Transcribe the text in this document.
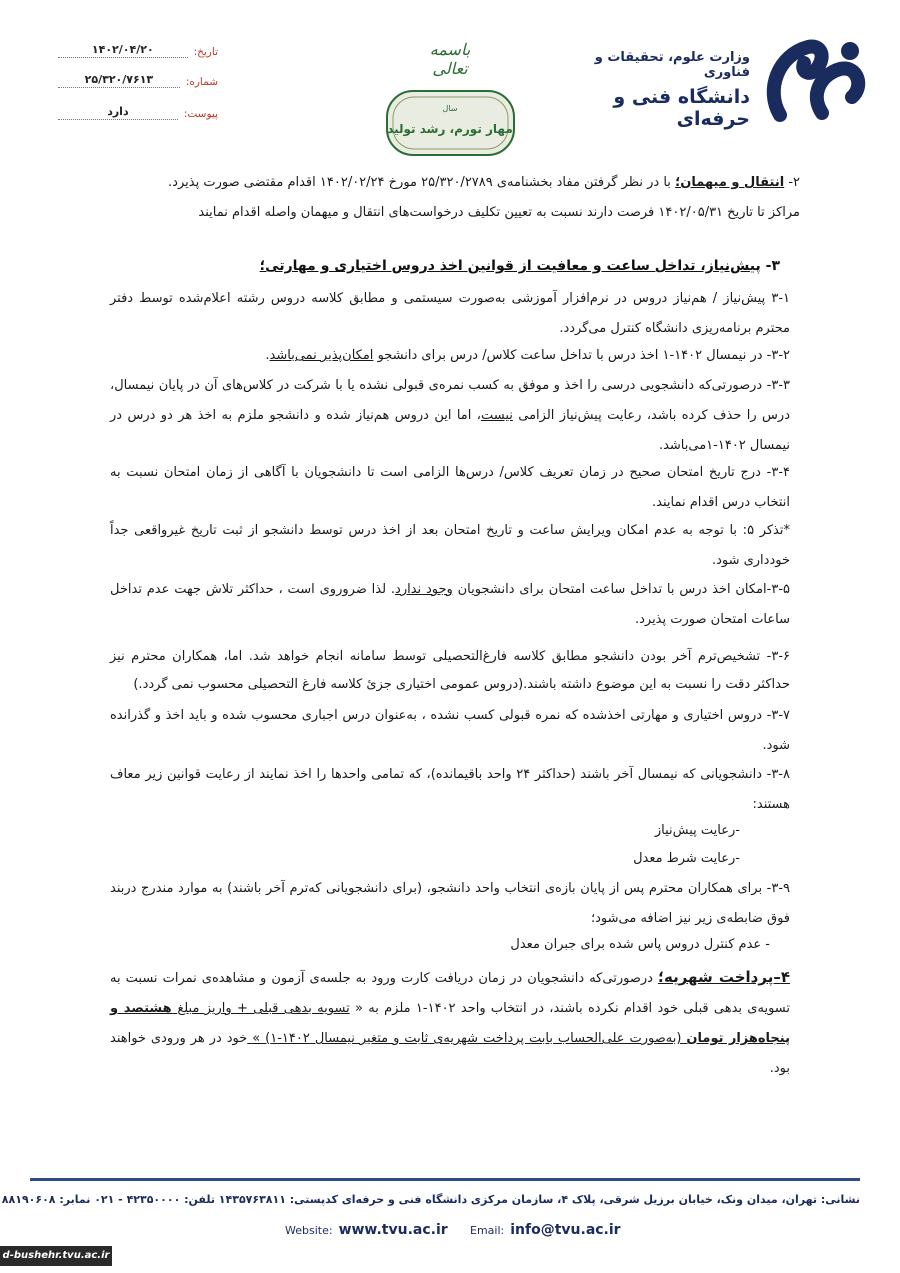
تاریخ:
۱۴۰۲/۰۴/۲۰
شماره:
۲۵/۳۲۰/۷۶۱۳
پیوست:
دارد
باسمه تعالی
سال
مهار تورم، رشد تولید
وزارت علوم، تحقیقات و فناوری
دانشگاه فنی و حرفه‌ای
۲- انتقال و میهمان؛ با در نظر گرفتن مفاد بخشنامه‌ی ۲۵/۳۲۰/۲۷۸۹ مورخ ۱۴۰۲/۰۲/۲۴ اقدام مقتضی صورت پذیرد.
مراکز تا تاریخ ۱۴۰۲/۰۵/۳۱ فرصت دارند نسبت به تعیین تکلیف درخواست‌های انتقال و میهمان واصله اقدام نمایند
۳- پیش‌نیاز، تداخل ساعت و معافیت از قوانین اخذ دروس اختیاری و مهارتی؛
۳-۱ پیش‌نیاز / هم‌نیاز دروس در نرم‌افزار آموزشی به‌صورت سیستمی و مطابق کلاسه دروس رشته اعلام‌شده توسط دفتر محترم برنامه‌ریزی دانشگاه کنترل می‌گردد.
۳-۲- در نیمسال ۱۴۰۲-۱ اخذ درس با تداخل ساعت کلاس/ درس برای دانشجو امکان‌پذیر نمی‌باشد.
۳-۳- درصورتی‌که دانشجویی درسی را اخذ و موفق به کسب نمره‌ی قبولی نشده یا با شرکت در کلاس‌های آن در پایان نیمسال، درس را حذف کرده باشد، رعایت پیش‌نیاز الزامی نیست، اما این دروس هم‌نیاز شده و دانشجو ملزم به اخذ هر دو درس در نیمسال ۱۴۰۲-۱می‌باشد.
۳-۴- درج تاریخ امتحان صحیح در زمان تعریف کلاس/ درس‌ها الزامی است تا دانشجویان با آگاهی از زمان امتحان نسبت به انتخاب درس اقدام نمایند.
*تذکر ۵: با توجه به عدم امکان ویرایش ساعت و تاریخ امتحان بعد از اخذ درس توسط دانشجو از ثبت تاریخ غیرواقعی جداً خودداری شود.
۳-۵-امکان اخذ درس با تداخل ساعت امتحان برای دانشجویان وجود ندارد. لذا ضروروی است ، حداکثر تلاش جهت عدم تداخل ساعات امتحان صورت پذیرد.
۳-۶- تشخیص‌ترم آخر بودن دانشجو مطابق کلاسه فارغ‌التحصیلی توسط سامانه انجام خواهد شد. اما، همکاران محترم نیز حداکثر دقت را نسبت به این موضوع داشته باشند.(دروس عمومی اختیاری جزئ کلاسه فارغ التحصیلی محسوب نمی گردد.)
۳-۷- دروس اختیاری و مهارتی اخذشده که نمره قبولی کسب نشده ، به‌عنوان درس اجباری محسوب شده و باید اخذ و گذرانده شود.
۳-۸- دانشجویانی که نیمسال آخر باشند (حداکثر ۲۴ واحد باقیمانده)، که تمامی واحدها را اخذ نمایند از رعایت قوانین زیر معاف هستند:
-رعایت پیش‌نیاز
-رعایت شرط معدل
۳-۹- برای همکاران محترم پس از پایان بازه‌ی انتخاب واحد دانشجو، (برای دانشجویانی که‌ترم آخر باشند) به موارد مندرج دربند فوق ضابطه‌ی زیر نیز اضافه می‌شود؛
- عدم کنترل دروس پاس شده برای جبران معدل
۴–پرداخت شهریه؛ درصورتی‌که دانشجویان در زمان دریافت کارت ورود به جلسه‌ی آزمون و مشاهده‌ی نمرات نسبت به تسویه‌ی بدهی قبلی خود اقدام نکرده باشند، در انتخاب واحد ۱۴۰۲-۱ ملزم به « تسویه بدهی قبلی + واریز مبلغ هشتصد و پنجاه‌هزار تومان (به‌صورت علی‌الحساب بابت پرداخت شهریه‌ی ثابت و متغیر نیمسال ۱۴۰۲-۱) » خود در هر ورودی خواهند بود.
نشانی: تهران، میدان ونک، خیابان برزیل شرقی، پلاک ۴، سازمان مرکزی دانشگاه فنی و حرفه‌ای کدپستی: ۱۴۳۵۷۶۳۸۱۱ تلفن: ۴۲۳۵۰۰۰۰ - ۰۲۱ نمابر: ۸۸۱۹۰۶۰۸
Website: www.tvu.ac.ir Email: info@tvu.ac.ir
d-bushehr.tvu.ac.ir
